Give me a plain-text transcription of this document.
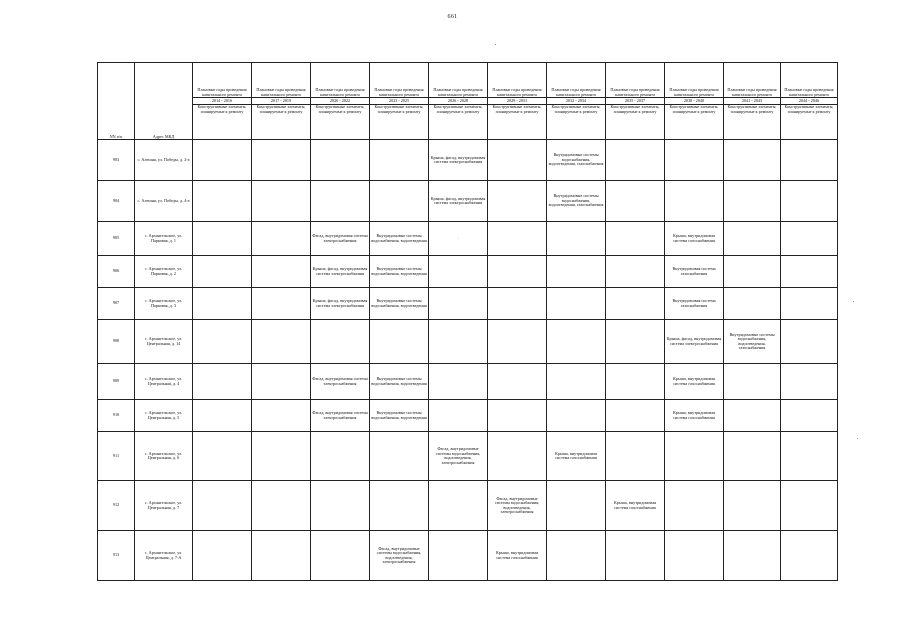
661
NN п/п	Адрес МКД	Плановые годы проведения капитального ремонта	Плановые годы проведения капитального ремонта	Плановые годы проведения капитального ремонта	Плановые годы проведения капитального ремонта	Плановые годы проведения капитального ремонта	Плановые годы проведения капитального ремонта	Плановые годы проведения капитального ремонта	Плановые годы проведения капитального ремонта	Плановые годы проведения капитального ремонта	Плановые годы проведения капитального ремонта	Плановые годы проведения капитального ремонта
		2014 - 2016	2017 - 2019	2020 - 2022	2023 - 2025	2026 - 2028	2029 - 2031	2032 - 2034	2035 - 2037	2038 - 2040	2041 - 2043	2044 - 2046
		Конструктивные элементы, планируемые к ремонту	Конструктивные элементы, планируемые к ремонту	Конструктивные элементы, планируемые к ремонту	Конструктивные элементы, планируемые к ремонту	Конструктивные элементы, планируемые к ремонту	Конструктивные элементы, планируемые к ремонту	Конструктивные элементы, планируемые к ремонту	Конструктивные элементы, планируемые к ремонту	Конструктивные элементы, планируемые к ремонту	Конструктивные элементы, планируемые к ремонту	Конструктивные элементы, планируемые к ремонту
903	с. Алешня, ул. Победы, д. 2-а					Крыша, фасад, внутридомовая система электроснабжения		Внутридомовые системы водоснабжения, водоотведения, газоснабжения				
904	с. Алешня, ул. Победы, д. 4-а					Крыша, фасад, внутридомовая система электроснабжения		Внутридомовые системы водоснабжения, водоотведения, газоснабжения				
905	с. Архангельское, ул. Парковая, д. 1			Фасад, внутридомовая система электроснабжения	Внутридомовые системы водоснабжения, водоотведения	.				Крыша, внутридомовая система газоснабжения		
906	с. Архангельское, ул. Парковая, д. 2			Крыша, фасад, внутридомовая система электроснабжения	Внутридомовые системы водоснабжения, водоотведения					Внутридомовая система газоснабжения		
907	с. Архангельское, ул. Парковая, д. 3			Крыша, фасад, внутридомовая система электроснабжения	Внутридомовые системы водоснабжения, водоотведения					Внутридомовая система газоснабжения		
908	с. Архангельское, ул. Центральная, д. 14									Крыша, фасад, внутридомовая система электроснабжения	Внутридомовые системы водоснабжения, водоотведения, газоснабжения	
909	с. Архангельское, ул. Центральная, д. 4			Фасад, внутридомовая система электроснабжения	Внутридомовые системы водоснабжения, водоотведения					Крыша, внутридомовая система газоснабжения		
910	с. Архангельское, ул. Центральная, д. 5			Фасад, внутридомовая система электроснабжения	Внутридомовые системы водоснабжения, водоотведения					Крыша, внутридомовая система газоснабжения		
911	с. Архангельское, ул. Центральная, д. 6					Фасад, внутридомовые системы водоснабжения, водоотведения, электроснабжения		Крыша, внутридомовая система газоснабжения				
912	с. Архангельское, ул. Центральная, д. 7						Фасад, внутридомовые системы водоснабжения, водоотведения, электроснабжения		Крыша, внутридомовая система газоснабжения			
913	с. Архангельское, ул. Центральная, д. 7-А				Фасад, внутридомовые системы водоснабжения, водоотведения, электроснабжения		Крыша, внутридомовая система газоснабжения					
